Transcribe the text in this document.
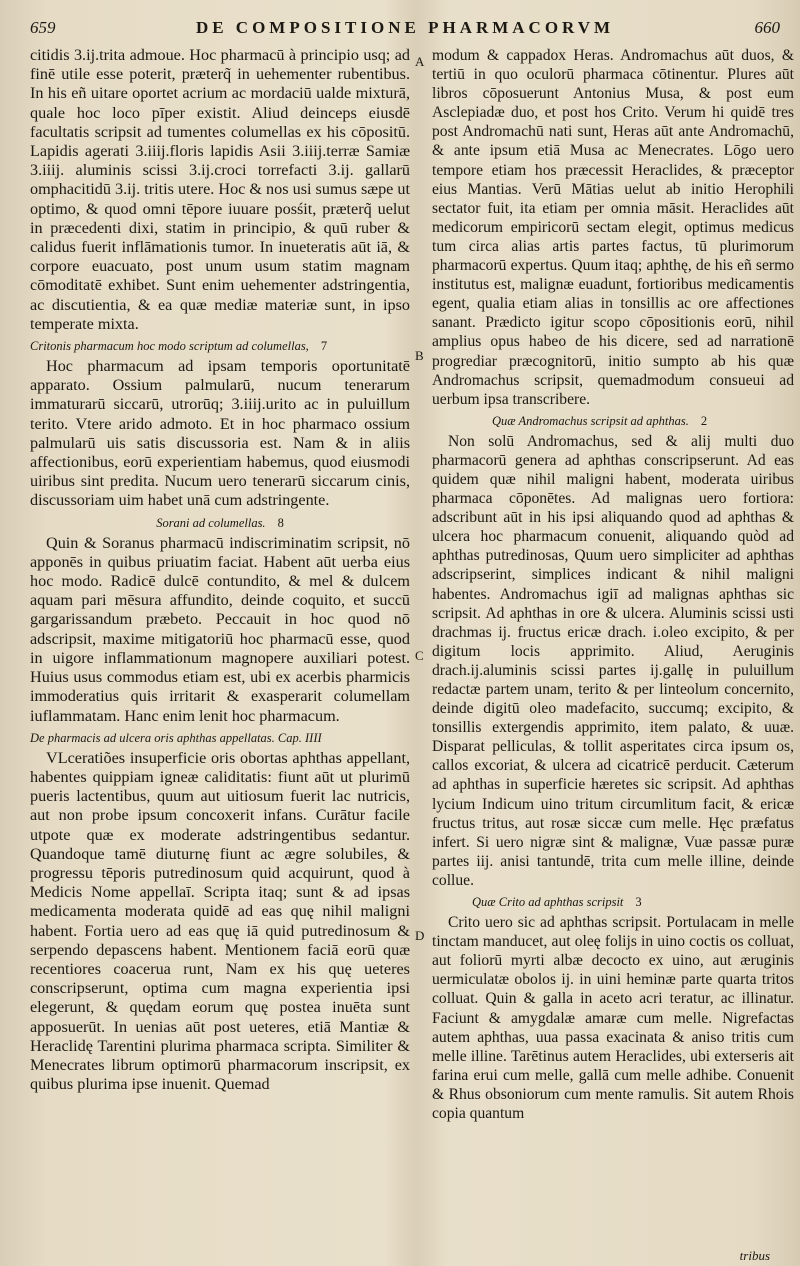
659	DE COMPOSITIONE PHARMACORVM	660
A
B
C
D

citidis 3.ij.trita admoue. Hoc pharmacū à principio usq; ad finē utile esse poterit, præterq̃ in uehementer rubentibus. In his eñ uitare oportet acrium ac mordaciū ualde mixturā, quale hoc loco pīper existit. Aliud deinceps eiusdē facultatis scripsit ad tumentes columellas ex his cōpositū. Lapidis agerati 3.iiij.floris lapidis Asii 3.iiij.terræ Samiæ 3.iiij. aluminis scissi 3.ij.croci torrefacti 3.ij. gallarū omphacitidū 3.ij. tritis utere. Hoc & nos usi sumus sæpe ut optimo, & quod omni tēpore iuuare posśit, præterq̃ uelut in præcedenti dixi, statim in principio, & quū ruber & calidus fuerit inflāmationis tumor. In inueteratis aūt iā, & corpore euacuato, post unum usum statim magnam cōmoditatē exhibet. Sunt enim uehementer adstringentia, ac discutientia, & ea quæ mediæ materiæ sunt, in ipso temperate mixta.

Critonis pharmacum hoc modo scriptum ad columellas, 7

Hoc pharmacum ad ipsam temporis oportunitatē apparato. Ossium palmularū, nucum tenerarum immaturarū siccarū, utrorūq; 3.iiij.urito ac in puluillum terito. Vtere arido admoto. Et in hoc pharmaco ossium palmularū uis satis discussoria est. Nam & in aliis affectionibus, eorū experientiam habemus, quod eiusmodi uiribus sint predita. Nucum uero tenerarū siccarum cinis, discussoriam uim habet unā cum adstringente.

Sorani ad columellas. 8

Quin & Soranus pharmacū indiscriminatim scripsit, nō apponēs in quibus priuatim faciat. Habent aūt uerba eius hoc modo. Radicē dulcē contundito, & mel & dulcem aquam pari mēsura affundito, deinde coquito, et succū gargarissandum præbeto. Peccauit in hoc quod nō adscripsit, maxime mitigatoriū hoc pharmacū esse, quod in uigore inflammationum magnopere auxiliari potest. Huius usus commodus etiam est, ubi ex acerbis pharmicis immoderatius quis irritarit & exasperarit columellam iuflammatam. Hanc enim lenit hoc pharmacum.

De pharmacis ad ulcera oris aphthas appellatas. Cap. IIII

VLceratiões insuperficie oris obortas aphthas appellant, habentes quippiam igneæ caliditatis: fiunt aūt ut plurimū pueris lactentibus, quum aut uitiosum fuerit lac nutricis, aut non probe ipsum concoxerit infans. Curātur facile utpote quæ ex moderate adstringentibus sedantur. Quandoque tamē diuturnę fiunt ac ægre solubiles, & progressu tēporis putredinosum quid acquirunt, quod à Medicis Nome appellaī. Scripta itaq; sunt & ad ipsas medicamenta moderata quidē ad eas quę nihil maligni habent. Fortia uero ad eas quę iā quid putredinosum & serpendo depascens habent. Mentionem faciā eorū quæ recentiores coacerua runt, Nam ex his quę ueteres conscripserunt, optima cum magna experientia ipsi elegerunt, & quędam eorum quę postea inuēta sunt apposuerūt. In uenias aūt post ueteres, etiā Mantiæ & Heraclidę Tarentini plurima pharmaca scripta. Similiter & Menecrates librum optimorū pharmacorum inscripsit, ex quibus plurima ipse inuenit. Quemad

modum & cappadox Heras. Andromachus aūt duos, & tertiū in quo oculorū pharmaca cōtinentur. Plures aūt libros cōposuerunt Antonius Musa, & post eum Asclepiadæ duo, et post hos Crito. Verum hi quidē tres post Andromachū nati sunt, Heras aūt ante Andromachū, & ante ipsum etiā Musa ac Menecrates. Lōgo uero tempore etiam hos præcessit Heraclides, & præceptor eius Mantias. Verū Mātias uelut ab initio Herophili sectator fuit, ita etiam per omnia māsit. Heraclides aūt medicorum empiricorū sectam elegit, optimus medicus tum circa alias artis partes factus, tū plurimorum pharmacorū expertus. Quum itaq; aphthę, de his eñ sermo institutus est, malignæ euadunt, fortioribus medicamentis egent, qualia etiam alias in tonsillis ac ore affectiones sanant. Prædicto igitur scopo cōpositionis eorū, nihil amplius opus habeo de his dicere, sed ad narrationē progrediar præcognitorū, initio sumpto ab his quæ Andromachus scripsit, quemadmodum consueui ad uerbum ipsa transcribere.

Quæ Andromachus scripsit ad aphthas. 2

Non solū Andromachus, sed & alij multi duo pharmacorū genera ad aphthas conscripserunt. Ad eas quidem quæ nihil maligni habent, moderata uiribus pharmaca cōponētes. Ad malignas uero fortiora: adscribunt aūt in his ipsi aliquando quod ad aphthas & ulcera hoc pharmacum conuenit, aliquando quòd ad aphthas putredinosas, Quum uero simpliciter ad aphthas adscripserint, simplices indicant & nihil maligni habentes. Andromachus igiī ad malignas aphthas sic scripsit. Ad aphthas in ore & ulcera. Aluminis scissi usti drachmas ij. fructus ericæ drach. i.oleo excipito, & per digitum locis apprimito. Aliud, Aeruginis drach.ij.aluminis scissi partes ij.gallę in puluillum redactæ partem unam, terito & per linteolum concernito, deinde digitū oleo madefacito, succumq; excipito, & tonsillis extergendis apprimito, item palato, & uuæ. Disparat pelliculas, & tollit asperitates circa ipsum os, callos excoriat, & ulcera ad cicatricē perducit. Cæterum ad aphthas in superficie hæretes sic scripsit. Ad aphthas lycium Indicum uino tritum circumlitum facit, & ericæ fructus tritus, aut rosæ siccæ cum melle. Hęc præfatus infert. Si uero nigræ sint & malignæ, Vuæ passæ puræ partes iij. anisi tantundē, trita cum melle illine, deinde collue.

Quæ Crito ad aphthas scripsit 3

Crito uero sic ad aphthas scripsit. Portulacam in melle tinctam manducet, aut oleę folijs in uino coctis os colluat, aut foliorū myrti albæ decocto ex uino, aut æruginis uermiculatæ obolos ij. in uini heminæ parte quarta tritos colluat. Quin & galla in aceto acri teratur, ac illinatur. Faciunt & amygdalæ amaræ cum melle. Nigrefactas autem aphthas, uua passa exacinata & aniso tritis cum melle illine. Tarētinus autem Heraclides, ubi exterseris ait farina erui cum melle, gallā cum melle adhibe. Conuenit & Rhus obsoniorum cum mente ramulis. Sit autem Rhois copia quantum

tribus
